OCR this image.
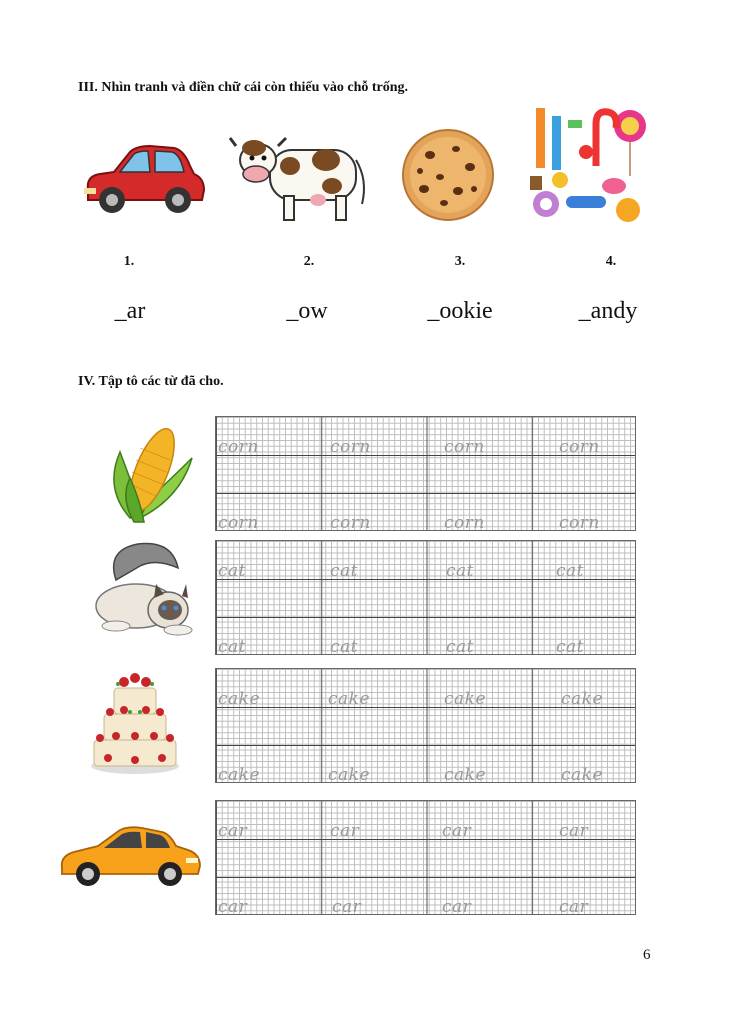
III. Nhìn tranh và điền chữ cái còn thiếu vào chỗ trống.
1.	2.	3.	4.
_ar	_ow	_ookie	_andy
IV. Tập tô các từ đã cho.
corn	corn	corn	corn
corn	corn	corn	corn
cat	cat	cat	cat
cat	cat	cat	cat
cake	cake	cake	cake
cake	cake	cake	cake
car	car	car	car
car	car	car	car
6
